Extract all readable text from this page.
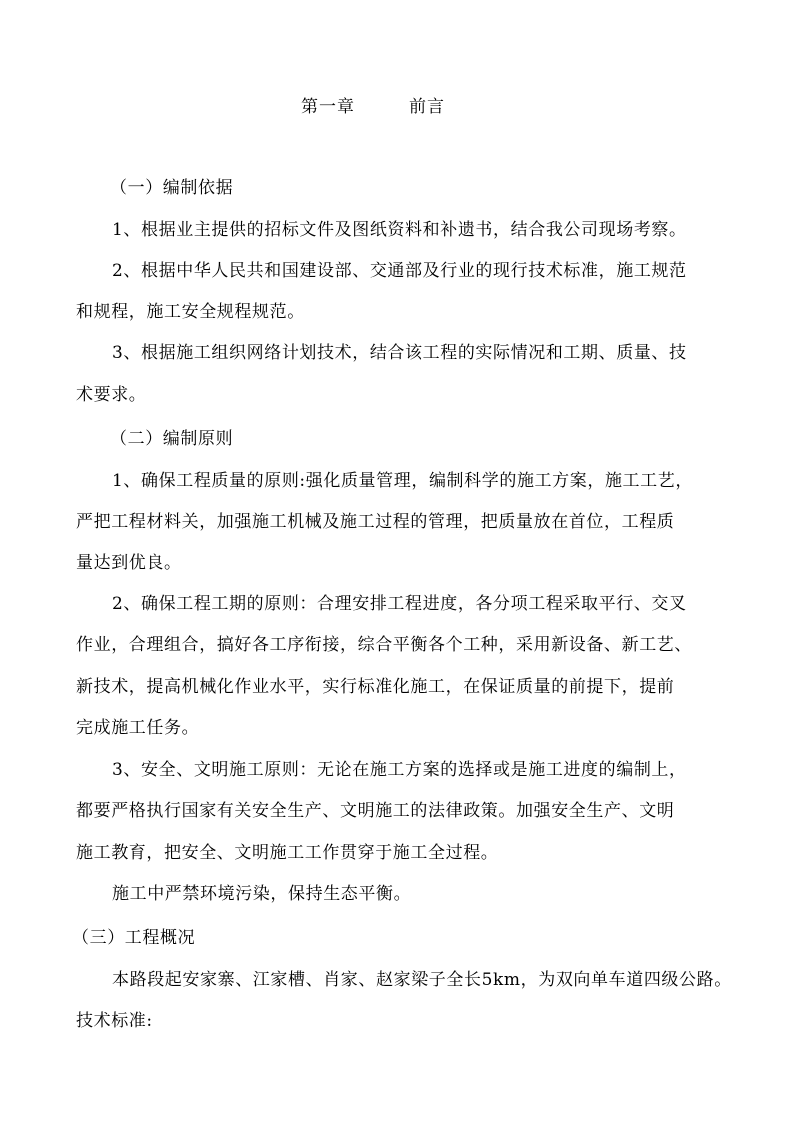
第一章	前言
（一）编制依据
1、根据业主提供的招标文件及图纸资料和补遗书，结合我公司现场考察。
2、根据中华人民共和国建设部、交通部及行业的现行技术标准，施工规范
和规程，施工安全规程规范。
3、根据施工组织网络计划技术，结合该工程的实际情况和工期、质量、技
术要求。
（二）编制原则
1、确保工程质量的原则:强化质量管理，编制科学的施工方案，施工工艺，
严把工程材料关，加强施工机械及施工过程的管理，把质量放在首位，工程质
量达到优良。
2、确保工程工期的原则：合理安排工程进度，各分项工程采取平行、交叉
作业，合理组合，搞好各工序衔接，综合平衡各个工种，采用新设备、新工艺、
新技术，提高机械化作业水平，实行标准化施工，在保证质量的前提下，提前
完成施工任务。
3、安全、文明施工原则：无论在施工方案的选择或是施工进度的编制上，
都要严格执行国家有关安全生产、文明施工的法律政策。加强安全生产、文明
施工教育，把安全、文明施工工作贯穿于施工全过程。
施工中严禁环境污染，保持生态平衡。
（三）工程概况
本路段起安家寨、江家槽、肖家、赵家梁子全长5km，为双向单车道四级公路。
技术标准:
